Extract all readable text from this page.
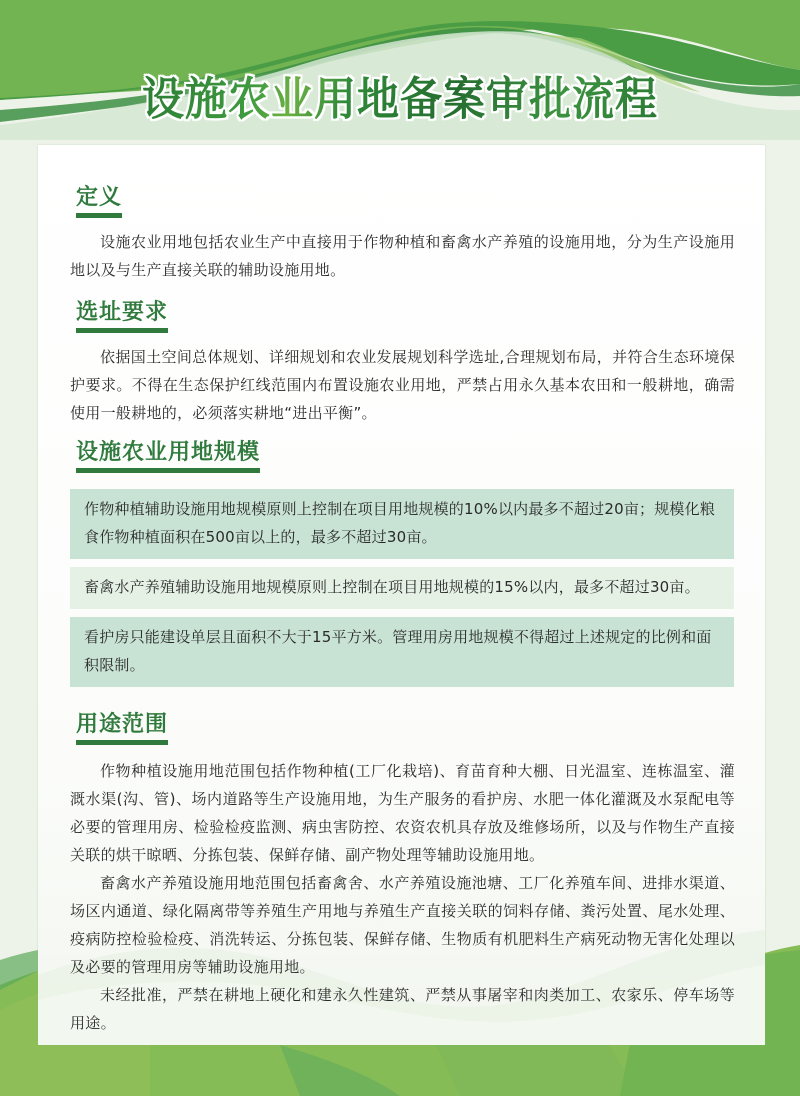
设施农业用地备案审批流程
定义

设施农业用地包括农业生产中直接用于作物种植和畜禽水产养殖的设施用地，分为生产设施用地以及与生产直接关联的辅助设施用地。

选址要求

依据国土空间总体规划、详细规划和农业发展规划科学选址,合理规划布局，并符合生态环境保护要求。不得在生态保护红线范围内布置设施农业用地，严禁占用永久基本农田和一般耕地，确需使用一般耕地的，必须落实耕地“进出平衡”。

设施农业用地规模
作物种植辅助设施用地规模原则上控制在项目用地规模的10%以内最多不超过20亩；规模化粮食作物种植面积在500亩以上的，最多不超过30亩。
畜禽水产养殖辅助设施用地规模原则上控制在项目用地规模的15%以内，最多不超过30亩。
看护房只能建设单层且面积不大于15平方米。管理用房用地规模不得超过上述规定的比例和面积限制。
用途范围

作物种植设施用地范围包括作物种植(工厂化栽培)、育苗育种大棚、日光温室、连栋温室、灌溉水渠(沟、管)、场内道路等生产设施用地，为生产服务的看护房、水肥一体化灌溉及水泵配电等必要的管理用房、检验检疫监测、病虫害防控、农资农机具存放及维修场所，以及与作物生产直接关联的烘干晾晒、分拣包装、保鲜存储、副产物处理等辅助设施用地。

畜禽水产养殖设施用地范围包括畜禽舍、水产养殖设施池塘、工厂化养殖车间、进排水渠道、场区内通道、绿化隔离带等养殖生产用地与养殖生产直接关联的饲料存储、粪污处置、尾水处理、疫病防控检验检疫、消洗转运、分拣包装、保鲜存储、生物质有机肥料生产病死动物无害化处理以及必要的管理用房等辅助设施用地。

未经批准，严禁在耕地上硬化和建永久性建筑、严禁从事屠宰和肉类加工、农家乐、停车场等用途。
